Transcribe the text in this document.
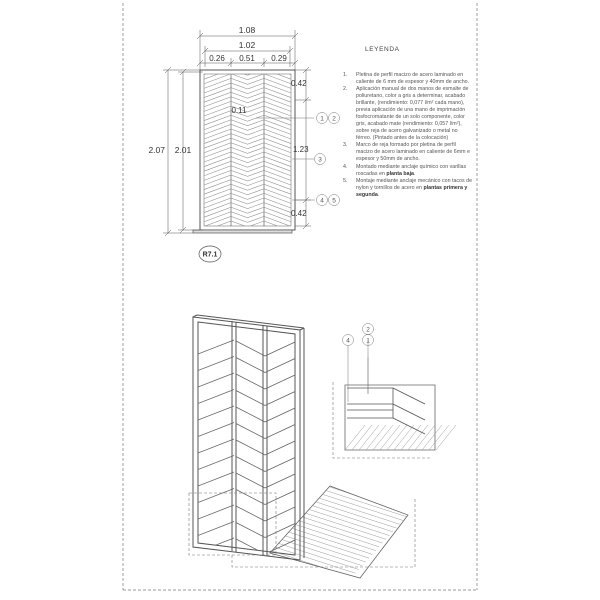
1.08
1.02
0.26 0.51 0.29
0.11
0.42
1.23
0.42
2.07 2.01
1 2
3
4 5
R7.1
4
2
1
LEYENDA
1.	Pletina de perfil macizo de acero laminado en caliente de 6 mm de espesor y 40mm de ancho.
2.	Aplicación manual de dos manos de esmalte de poliuretano, color a gris a determinar, acabado brillante, (rendimiento: 0,077 l/m² cada mano), previa aplicación de una mano de imprimación fosfocromatante de un solo componente, color gris, acabado mate (rendimiento: 0,057 l/m²), sobre reja de acero galvanizado o metal no férreo. (Pintado antes de la colocación)
3.	Marco de reja formado por pletina de perfil macizo de acero laminado en caliente de 6mm e espesor y 50mm de ancho.
4.	Montado mediante anclaje químico con varillas roscadas en planta baja.
5.	Montaje mediante anclaje mecánico con tacos de nylon y tornillos de acero en plantas primera y segunda.
